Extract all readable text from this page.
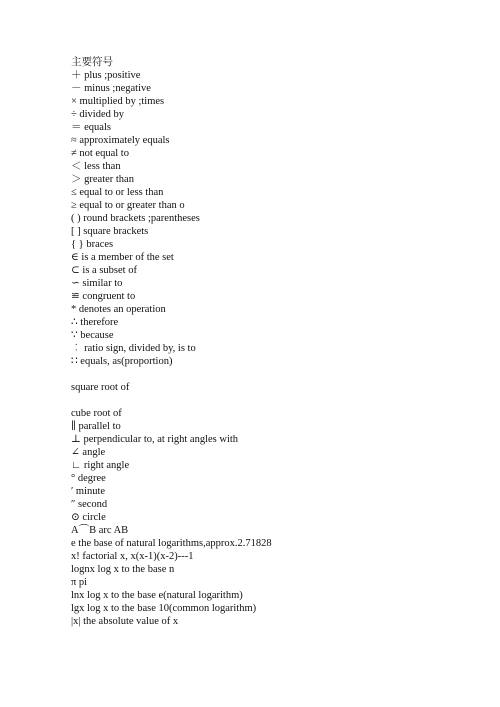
主要符号
＋ plus ;positive
－ minus ;negative
× multiplied by ;times
÷ divided by
＝ equals
≈ approximately equals
≠ not equal to
＜ less than
＞ greater than
≤ equal to or less than
≥ equal to or greater than o
( ) round brackets ;parentheses
[ ] square brackets
{ } braces
∈ is a member of the set
⊂ is a subset of
∽ similar to
≌ congruent to
* denotes an operation
∴ therefore
∵ because
︰ ratio sign, divided by, is to
∷ equals, as(proportion)
square root of
cube root of
∥ parallel to
⊥ perpendicular to, at right angles with
∠ angle
∟ right angle
° degree
′ minute
″ second
⊙ circle
A⌒B arc AB
e the base of natural logarithms,approx.2.71828
x! factorial x, x(x-1)(x-2)---1
lognx log x to the base n
π pi
lnx log x to the base e(natural logarithm)
lgx log x to the base 10(common logarithm)
|x| the absolute value of x
